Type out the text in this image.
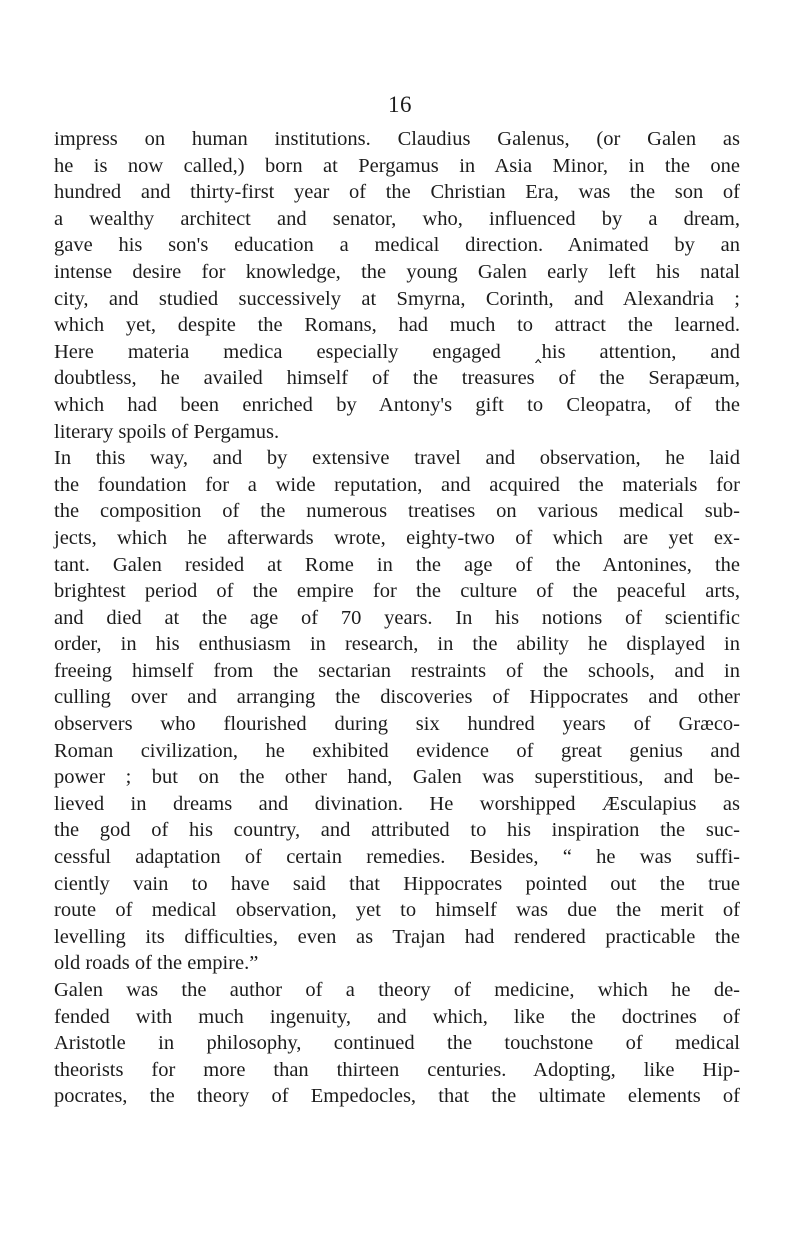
16
impress on human institutions. Claudius Galenus, (or Galen as
he is now called,) born at Pergamus in Asia Minor, in the one
hundred and thirty-first year of the Christian Era, was the son of
a wealthy architect and senator, who, influenced by a dream,
gave his son's education a medical direction. Animated by an
intense desire for knowledge, the young Galen early left his natal
city, and studied successively at Smyrna, Corinth, and Alexandria ;
which yet, despite the Romans, had much to attract the learned.
Here materia medica especially engaged ‸his attention, and
doubtless, he availed himself of the treasures of the Serapæum,
which had been enriched by Antony's gift to Cleopatra, of the
literary spoils of Pergamus.
In this way, and by extensive travel and observation, he laid
the foundation for a wide reputation, and acquired the materials for
the composition of the numerous treatises on various medical sub-
jects, which he afterwards wrote, eighty-two of which are yet ex-
tant. Galen resided at Rome in the age of the Antonines, the
brightest period of the empire for the culture of the peaceful arts,
and died at the age of 70 years. In his notions of scientific
order, in his enthusiasm in research, in the ability he displayed in
freeing himself from the sectarian restraints of the schools, and in
culling over and arranging the discoveries of Hippocrates and other
observers who flourished during six hundred years of Græco-
Roman civilization, he exhibited evidence of great genius and
power ; but on the other hand, Galen was superstitious, and be-
lieved in dreams and divination. He worshipped Æsculapius as
the god of his country, and attributed to his inspiration the suc-
cessful adaptation of certain remedies. Besides, “ he was suffi-
ciently vain to have said that Hippocrates pointed out the true
route of medical observation, yet to himself was due the merit of
levelling its difficulties, even as Trajan had rendered practicable the
old roads of the empire.”
Galen was the author of a theory of medicine, which he de-
fended with much ingenuity, and which, like the doctrines of
Aristotle in philosophy, continued the touchstone of medical
theorists for more than thirteen centuries. Adopting, like Hip-
pocrates, the theory of Empedocles, that the ultimate elements of
